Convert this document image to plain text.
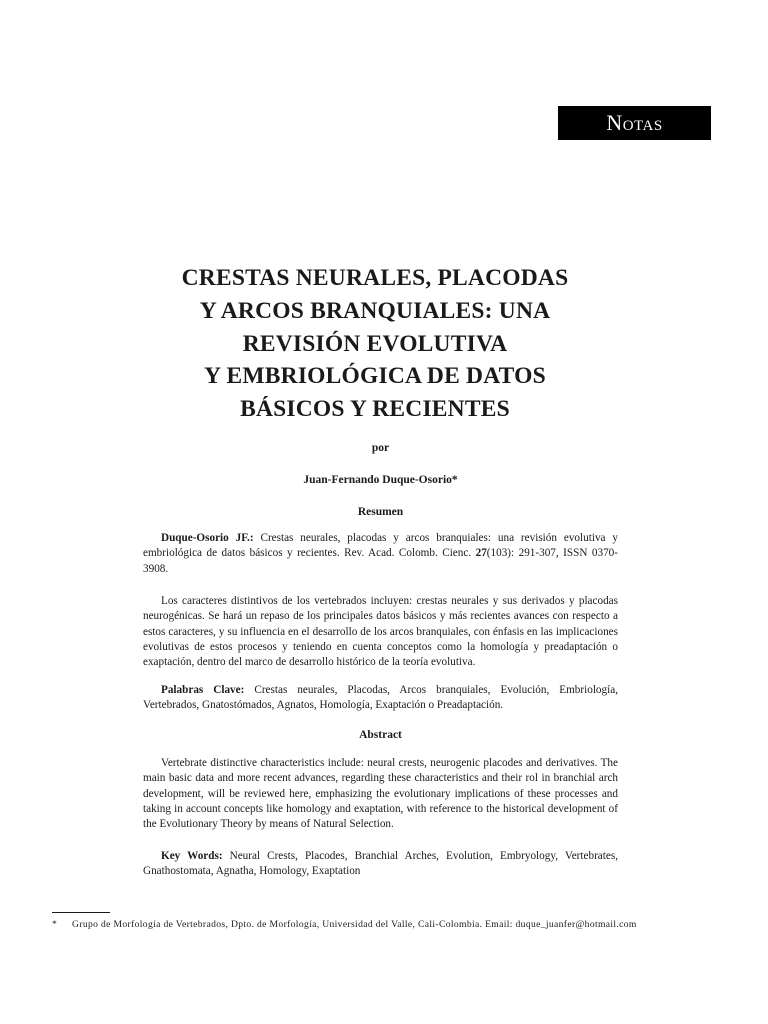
Notas
CRESTAS NEURALES, PLACODAS
Y ARCOS BRANQUIALES: UNA
REVISIÓN EVOLUTIVA
Y EMBRIOLÓGICA DE DATOS
BÁSICOS Y RECIENTES

por

Juan-Fernando Duque-Osorio*

Resumen

Duque-Osorio JF.: Crestas neurales, placodas y arcos branquiales: una revisión evolutiva y embriológica de datos básicos y recientes. Rev. Acad. Colomb. Cienc. 27(103): 291-307, ISSN 0370-3908.

Los caracteres distintivos de los vertebrados incluyen: crestas neurales y sus derivados y placodas neurogénicas. Se hará un repaso de los principales datos básicos y más recientes avances con respecto a estos caracteres, y su influencia en el desarrollo de los arcos branquiales, con énfasis en las implicaciones evolutivas de estos procesos y teniendo en cuenta conceptos como la homología y preadaptación o exaptación, dentro del marco de desarrollo histórico de la teoría evolutiva.

Palabras Clave: Crestas neurales, Placodas, Arcos branquiales, Evolución, Embriología, Vertebrados, Gnatostómados, Agnatos, Homología, Exaptación o Preadaptación.

Abstract

Vertebrate distinctive characteristics include: neural crests, neurogenic placodes and derivatives. The main basic data and more recent advances, regarding these characteristics and their rol in branchial arch development, will be reviewed here, emphasizing the evolutionary implications of these processes and taking in account concepts like homology and exaptation, with reference to the historical development of the Evolutionary Theory by means of Natural Selection.

Key Words: Neural Crests, Placodes, Branchial Arches, Evolution, Embryology, Vertebrates, Gnathostomata, Agnatha, Homology, Exaptation

* Grupo de Morfología de Vertebrados, Dpto. de Morfología, Universidad del Valle, Cali-Colombia. Email: duque_juanfer@hotmail.com
